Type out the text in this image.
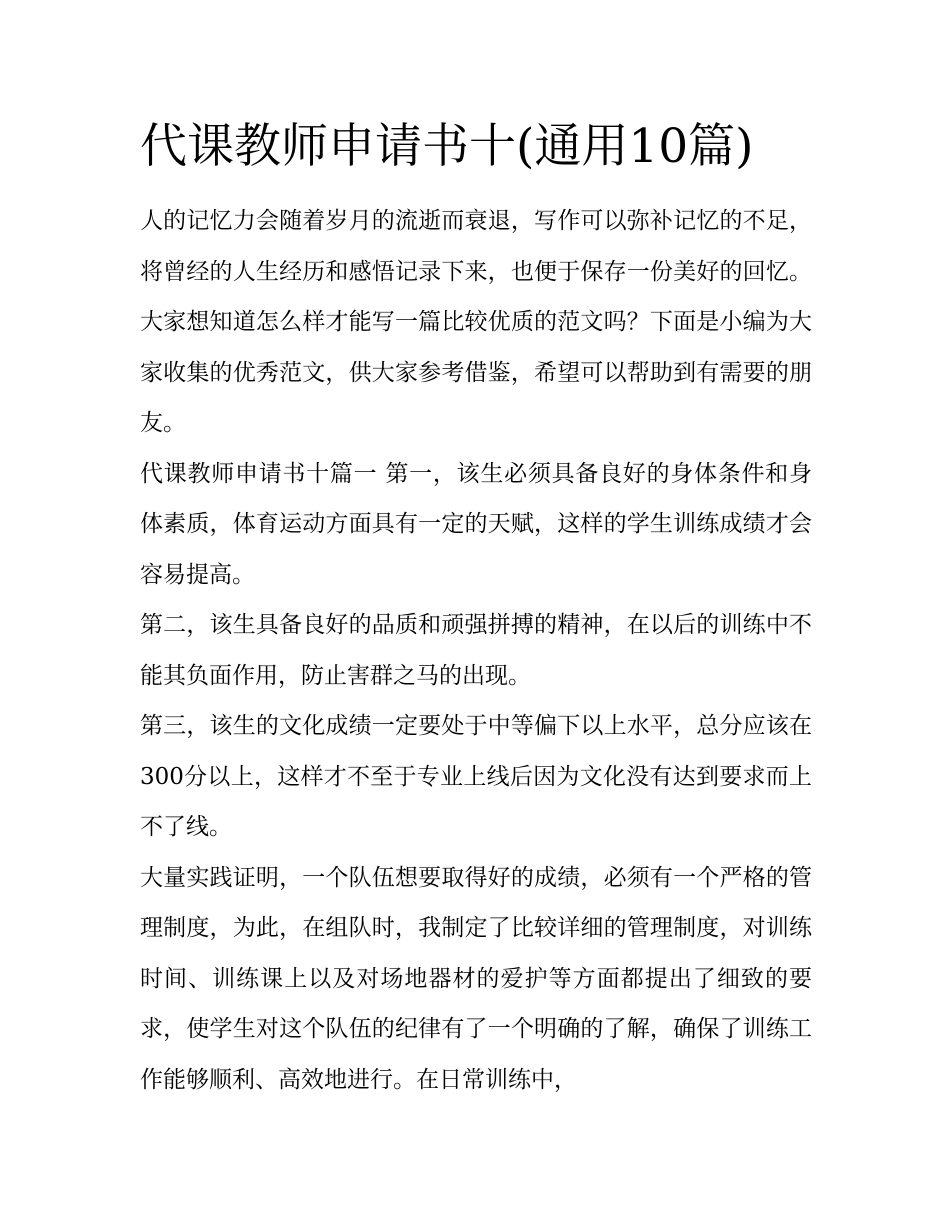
代课教师申请书十(通用10篇)

人的记忆力会随着岁月的流逝而衰退，写作可以弥补记忆的不足，将曾经的人生经历和感悟记录下来，也便于保存一份美好的回忆。大家想知道怎么样才能写一篇比较优质的范文吗？下面是小编为大家收集的优秀范文，供大家参考借鉴，希望可以帮助到有需要的朋友。

代课教师申请书十篇一 第一，该生必须具备良好的身体条件和身体素质，体育运动方面具有一定的天赋，这样的学生训练成绩才会容易提高。

第二，该生具备良好的品质和顽强拼搏的精神，在以后的训练中不能其负面作用，防止害群之马的出现。

第三，该生的文化成绩一定要处于中等偏下以上水平，总分应该在300分以上，这样才不至于专业上线后因为文化没有达到要求而上不了线。

大量实践证明，一个队伍想要取得好的成绩，必须有一个严格的管理制度，为此，在组队时，我制定了比较详细的管理制度，对训练时间、训练课上以及对场地器材的爱护等方面都提出了细致的要求，使学生对这个队伍的纪律有了一个明确的了解，确保了训练工作能够顺利、高效地进行。在日常训练中，
